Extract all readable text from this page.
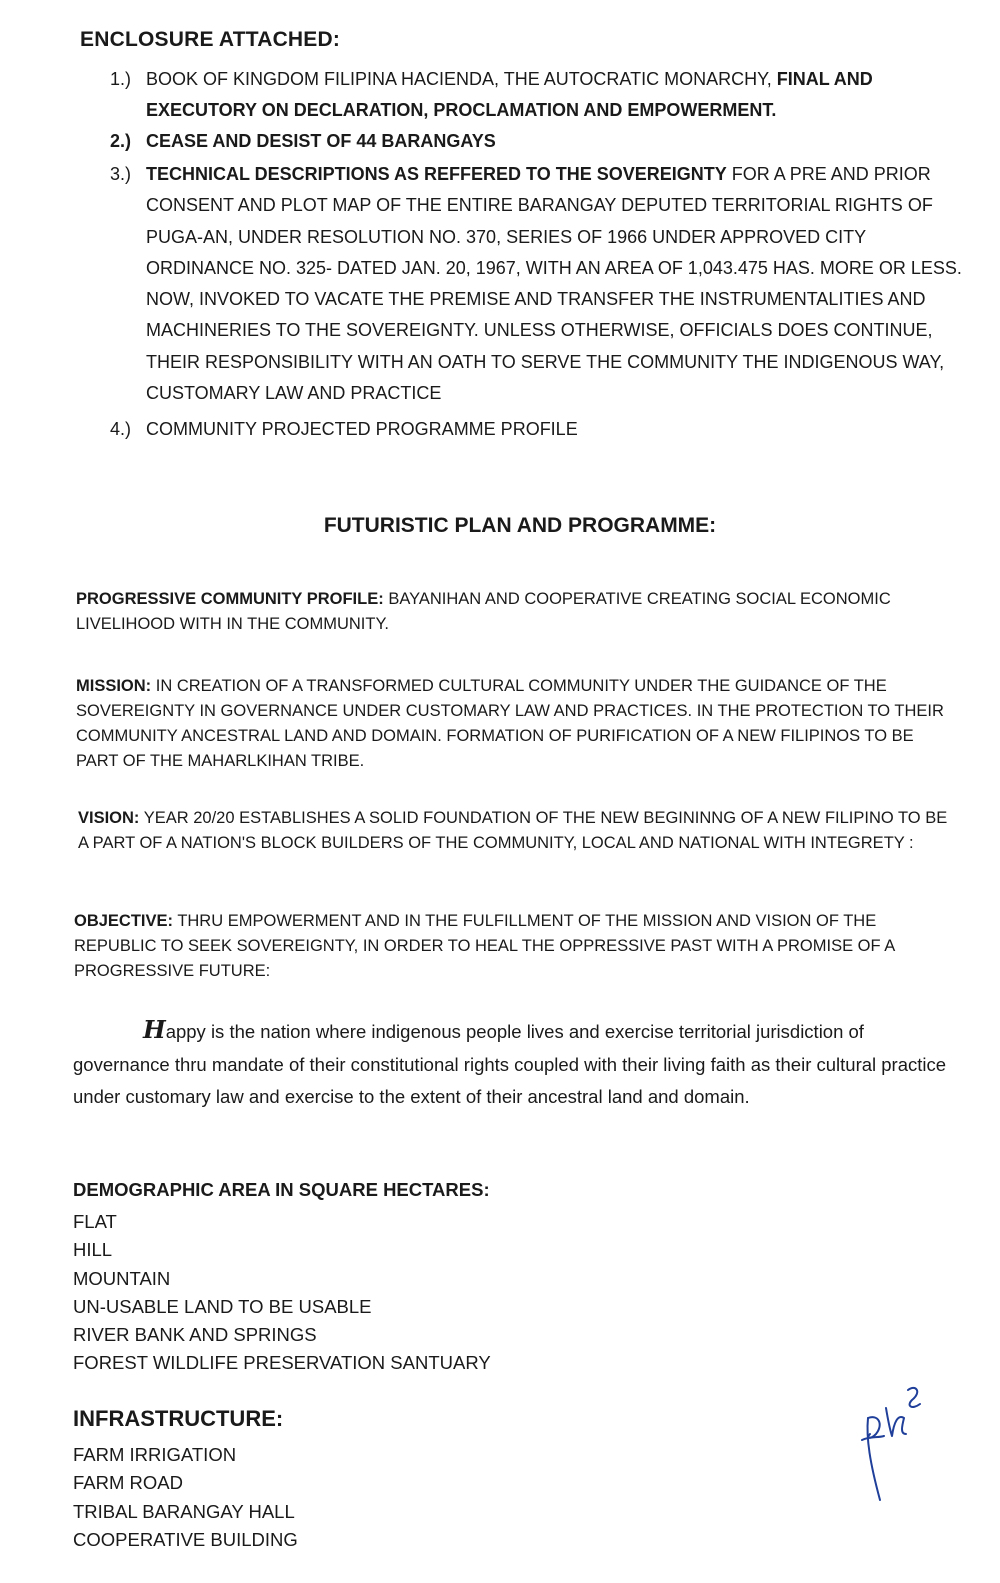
ENCLOSURE ATTACHED:
1.) BOOK OF KINGDOM FILIPINA HACIENDA, THE AUTOCRATIC MONARCHY, FINAL AND EXECUTORY ON DECLARATION, PROCLAMATION AND EMPOWERMENT.
2.) CEASE AND DESIST OF 44 BARANGAYS
3.) TECHNICAL DESCRIPTIONS AS REFFERED TO THE SOVEREIGNTY FOR A PRE AND PRIOR CONSENT AND PLOT MAP OF THE ENTIRE BARANGAY DEPUTED TERRITORIAL RIGHTS OF PUGA-AN, UNDER RESOLUTION NO. 370, SERIES OF 1966 UNDER APPROVED CITY ORDINANCE NO. 325- DATED JAN. 20, 1967, WITH AN AREA OF 1,043.475 HAS. MORE OR LESS. NOW, INVOKED TO VACATE THE PREMISE AND TRANSFER THE INSTRUMENTALITIES AND MACHINERIES TO THE SOVEREIGNTY. UNLESS OTHERWISE, OFFICIALS DOES CONTINUE, THEIR RESPONSIBILITY WITH AN OATH TO SERVE THE COMMUNITY THE INDIGENOUS WAY, CUSTOMARY LAW AND PRACTICE
4.) COMMUNITY PROJECTED PROGRAMME PROFILE
FUTURISTIC PLAN AND PROGRAMME:
PROGRESSIVE COMMUNITY PROFILE: BAYANIHAN AND COOPERATIVE CREATING SOCIAL ECONOMIC LIVELIHOOD WITH IN THE COMMUNITY.
MISSION: IN CREATION OF A TRANSFORMED CULTURAL COMMUNITY UNDER THE GUIDANCE OF THE SOVEREIGNTY IN GOVERNANCE UNDER CUSTOMARY LAW AND PRACTICES. IN THE PROTECTION TO THEIR COMMUNITY ANCESTRAL LAND AND DOMAIN. FORMATION OF PURIFICATION OF A NEW FILIPINOS TO BE PART OF THE MAHARLKIHAN TRIBE.
VISION: YEAR 20/20 ESTABLISHES A SOLID FOUNDATION OF THE NEW BEGININNG OF A NEW FILIPINO TO BE A PART OF A NATION'S BLOCK BUILDERS OF THE COMMUNITY, LOCAL AND NATIONAL WITH INTEGRETY :
OBJECTIVE: THRU EMPOWERMENT AND IN THE FULFILLMENT OF THE MISSION AND VISION OF THE REPUBLIC TO SEEK SOVEREIGNTY, IN ORDER TO HEAL THE OPPRESSIVE PAST WITH A PROMISE OF A PROGRESSIVE FUTURE:
Happy is the nation where indigenous people lives and exercise territorial jurisdiction of governance thru mandate of their constitutional rights coupled with their living faith as their cultural practice under customary law and exercise to the extent of their ancestral land and domain.
DEMOGRAPHIC AREA IN SQUARE HECTARES:
FLAT
HILL
MOUNTAIN
UN-USABLE LAND TO BE USABLE
RIVER BANK AND SPRINGS
FOREST WILDLIFE PRESERVATION SANTUARY
INFRASTRUCTURE:
FARM IRRIGATION
FARM ROAD
TRIBAL BARANGAY HALL
COOPERATIVE BUILDING
